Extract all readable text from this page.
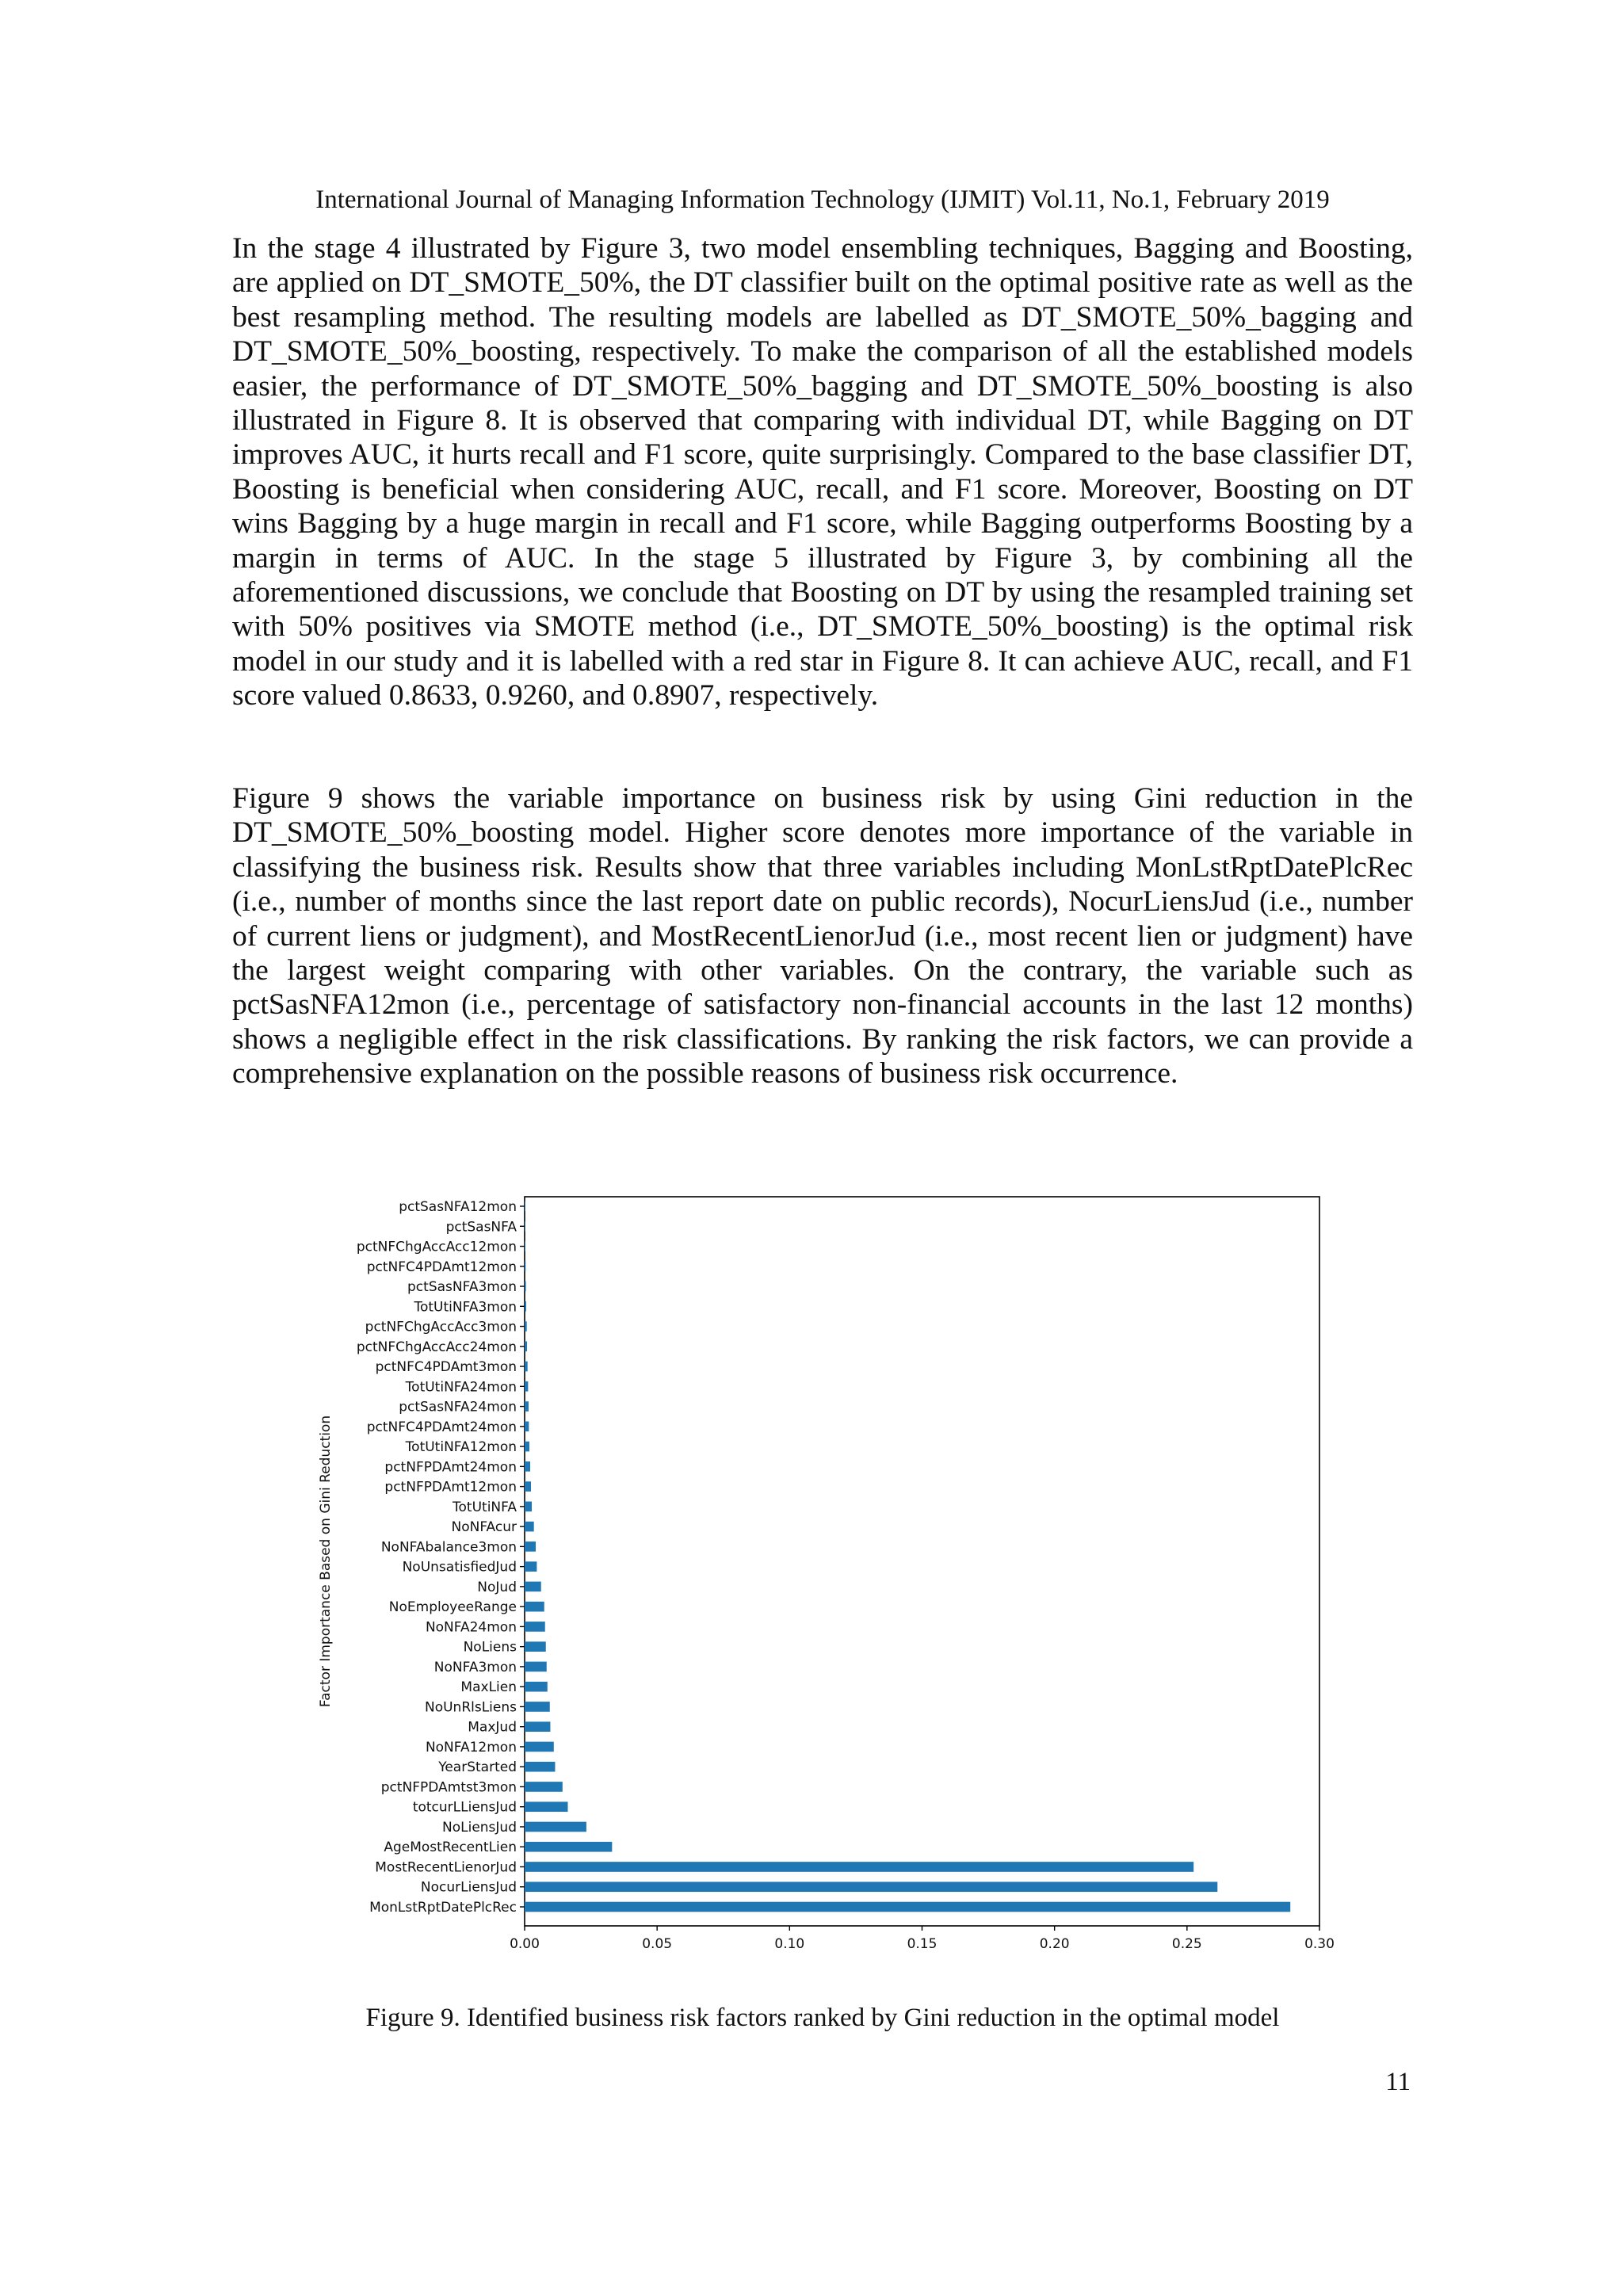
International Journal of Managing Information Technology (IJMIT) Vol.11, No.1, February 2019

In the stage 4 illustrated by Figure 3, two model ensembling techniques, Bagging and Boosting, are applied on DT_SMOTE_50%, the DT classifier built on the optimal positive rate as well as the best resampling method. The resulting models are labelled as DT_SMOTE_50%_bagging and DT_SMOTE_50%_boosting, respectively. To make the comparison of all the established models easier, the performance of DT_SMOTE_50%_bagging and DT_SMOTE_50%_boosting is also illustrated in Figure 8. It is observed that comparing with individual DT, while Bagging on DT improves AUC, it hurts recall and F1 score, quite surprisingly. Compared to the base classifier DT, Boosting is beneficial when considering AUC, recall, and F1 score. Moreover, Boosting on DT wins Bagging by a huge margin in recall and F1 score, while Bagging outperforms Boosting by a margin in terms of AUC. In the stage 5 illustrated by Figure 3, by combining all the aforementioned discussions, we conclude that Boosting on DT by using the resampled training set with 50% positives via SMOTE method (i.e., DT_SMOTE_50%_boosting) is the optimal risk model in our study and it is labelled with a red star in Figure 8. It can achieve AUC, recall, and F1 score valued 0.8633, 0.9260, and 0.8907, respectively.

Figure 9 shows the variable importance on business risk by using Gini reduction in the DT_SMOTE_50%_boosting model. Higher score denotes more importance of the variable in classifying the business risk. Results show that three variables including MonLstRptDatePlcRec (i.e., number of months since the last report date on public records), NocurLiensJud (i.e., number of current liens or judgment), and MostRecentLienorJud (i.e., most recent lien or judgment) have the largest weight comparing with other variables. On the contrary, the variable such as pctSasNFA12mon (i.e., percentage of satisfactory non-financial accounts in the last 12 months) shows a negligible effect in the risk classifications. By ranking the risk factors, we can provide a comprehensive explanation on the possible reasons of business risk occurrence.

pctSasNFA12mon
pctSasNFA
pctNFChgAccAcc12mon
pctNFC4PDAmt12mon
pctSasNFA3mon
TotUtiNFA3mon
pctNFChgAccAcc3mon
pctNFChgAccAcc24mon
pctNFC4PDAmt3mon
TotUtiNFA24mon
pctSasNFA24mon
pctNFC4PDAmt24mon
TotUtiNFA12mon
pctNFPDAmt24mon
pctNFPDAmt12mon
TotUtiNFA
NoNFAcur
NoNFAbalance3mon
NoUnsatisfiedJud
NoJud
NoEmployeeRange
NoNFA24mon
NoLiens
NoNFA3mon
MaxLien
NoUnRlsLiens
MaxJud
NoNFA12mon
YearStarted
pctNFPDAmtst3mon
totcurLLiensJud
NoLiensJud
AgeMostRecentLien
MostRecentLienorJud
NocurLiensJud
MonLstRptDatePlcRec
0.00	0.05	0.10	0.15	0.20	0.25	0.30
Factor Importance Based on Gini Reduction
Figure 9. Identified business risk factors ranked by Gini reduction in the optimal model
11
